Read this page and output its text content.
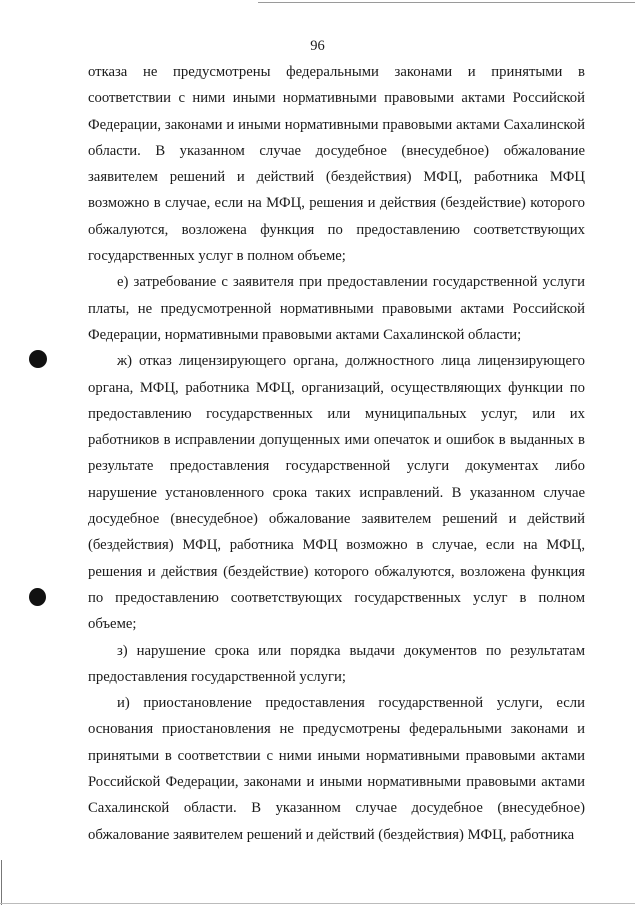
96

отказа не предусмотрены федеральными законами и принятыми в соответствии с ними иными нормативными правовыми актами Российской Федерации, законами и иными нормативными правовыми актами Сахалинской области. В указанном случае досудебное (внесудебное) обжалование заявителем решений и действий (бездействия) МФЦ, работника МФЦ возможно в случае, если на МФЦ, решения и действия (бездействие) которого обжалуются, возложена функция по предоставлению соответствующих государственных услуг в полном объеме;

е) затребование с заявителя при предоставлении государственной услуги платы, не предусмотренной нормативными правовыми актами Российской Федерации, нормативными правовыми актами Сахалинской области;

ж) отказ лицензирующего органа, должностного лица лицензирующего органа, МФЦ, работника МФЦ, организаций, осуществляющих функции по предоставлению государственных или муниципальных услуг, или их работников в исправлении допущенных ими опечаток и ошибок в выданных в результате предоставления государственной услуги документах либо нарушение установленного срока таких исправлений. В указанном случае досудебное (внесудебное) обжалование заявителем решений и действий (бездействия) МФЦ, работника МФЦ возможно в случае, если на МФЦ, решения и действия (бездействие) которого обжалуются, возложена функция по предоставлению соответствующих государственных услуг в полном объеме;

з) нарушение срока или порядка выдачи документов по результатам предоставления государственной услуги;

и) приостановление предоставления государственной услуги, если основания приостановления не предусмотрены федеральными законами и принятыми в соответствии с ними иными нормативными правовыми актами Российской Федерации, законами и иными нормативными правовыми актами Сахалинской области. В указанном случае досудебное (внесудебное) обжалование заявителем решений и действий (бездействия) МФЦ, работника
